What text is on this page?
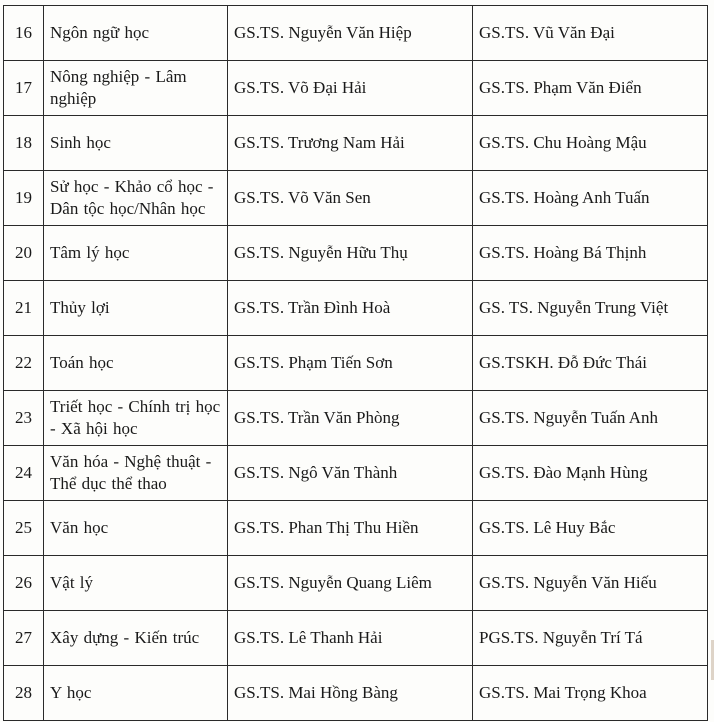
16	Ngôn ngữ học	GS.TS. Nguyễn Văn Hiệp	GS.TS. Vũ Văn Đại
17	Nông nghiệp - Lâm nghiệp	GS.TS. Võ Đại Hải	GS.TS. Phạm Văn Điển
18	Sinh học	GS.TS. Trương Nam Hải	GS.TS. Chu Hoàng Mậu
19	Sử học - Khảo cổ học - Dân tộc học/Nhân học	GS.TS. Võ Văn Sen	GS.TS. Hoàng Anh Tuấn
20	Tâm lý học	GS.TS. Nguyễn Hữu Thụ	GS.TS. Hoàng Bá Thịnh
21	Thủy lợi	GS.TS. Trần Đình Hoà	GS. TS. Nguyễn Trung Việt
22	Toán học	GS.TS. Phạm Tiến Sơn	GS.TSKH. Đỗ Đức Thái
23	Triết học - Chính trị học - Xã hội học	GS.TS. Trần Văn Phòng	GS.TS. Nguyễn Tuấn Anh
24	Văn hóa - Nghệ thuật - Thể dục thể thao	GS.TS. Ngô Văn Thành	GS.TS. Đào Mạnh Hùng
25	Văn học	GS.TS. Phan Thị Thu Hiền	GS.TS. Lê Huy Bắc
26	Vật lý	GS.TS. Nguyễn Quang Liêm	GS.TS. Nguyễn Văn Hiếu
27	Xây dựng - Kiến trúc	GS.TS. Lê Thanh Hải	PGS.TS. Nguyễn Trí Tá
28	Y học	GS.TS. Mai Hồng Bàng	GS.TS. Mai Trọng Khoa
